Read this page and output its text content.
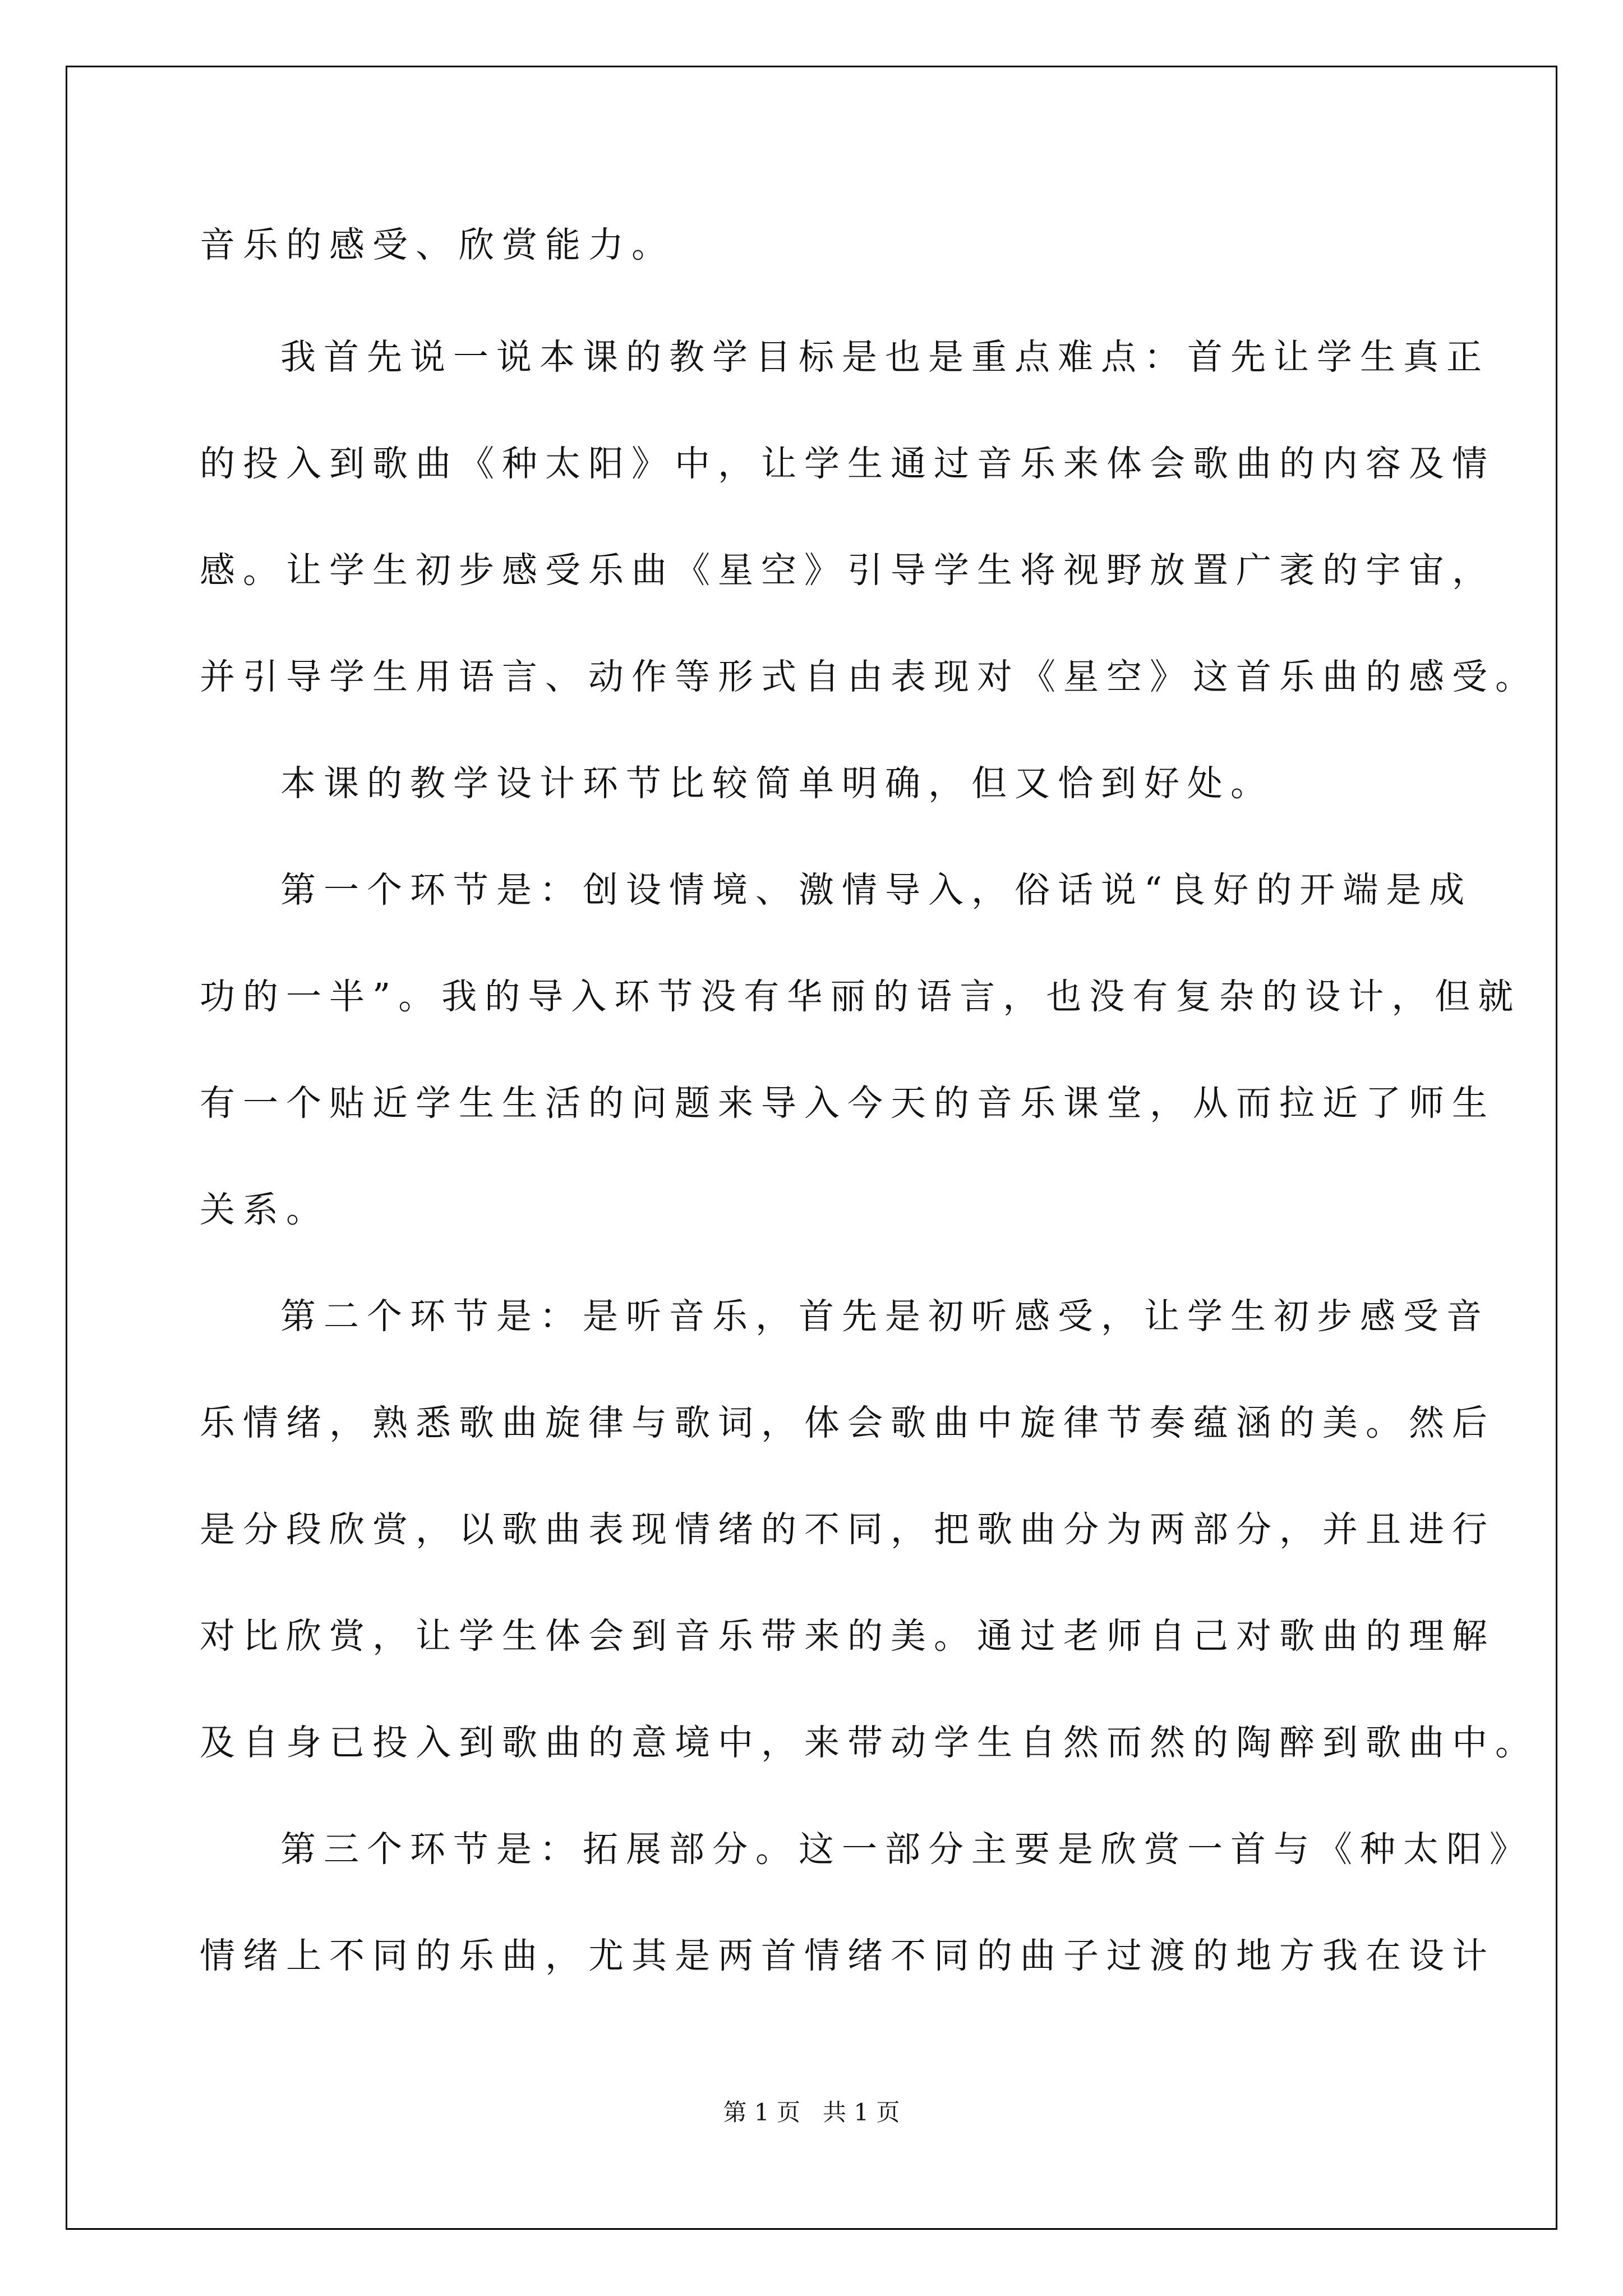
音乐的感受、欣赏能力。
我首先说一说本课的教学目标是也是重点难点：首先让学生真正
的投入到歌曲《种太阳》中，让学生通过音乐来体会歌曲的内容及情
感。让学生初步感受乐曲《星空》引导学生将视野放置广袤的宇宙，
并引导学生用语言、动作等形式自由表现对《星空》这首乐曲的感受。
本课的教学设计环节比较简单明确，但又恰到好处。
第一个环节是：创设情境、激情导入，俗话说“良好的开端是成
功的一半”。我的导入环节没有华丽的语言，也没有复杂的设计，但就
有一个贴近学生生活的问题来导入今天的音乐课堂，从而拉近了师生
关系。
第二个环节是：是听音乐，首先是初听感受，让学生初步感受音
乐情绪，熟悉歌曲旋律与歌词，体会歌曲中旋律节奏蕴涵的美。然后
是分段欣赏，以歌曲表现情绪的不同，把歌曲分为两部分，并且进行
对比欣赏，让学生体会到音乐带来的美。通过老师自己对歌曲的理解
及自身已投入到歌曲的意境中，来带动学生自然而然的陶醉到歌曲中。
第三个环节是：拓展部分。这一部分主要是欣赏一首与《种太阳》
情绪上不同的乐曲，尤其是两首情绪不同的曲子过渡的地方我在设计
第 1 页   共 1 页
